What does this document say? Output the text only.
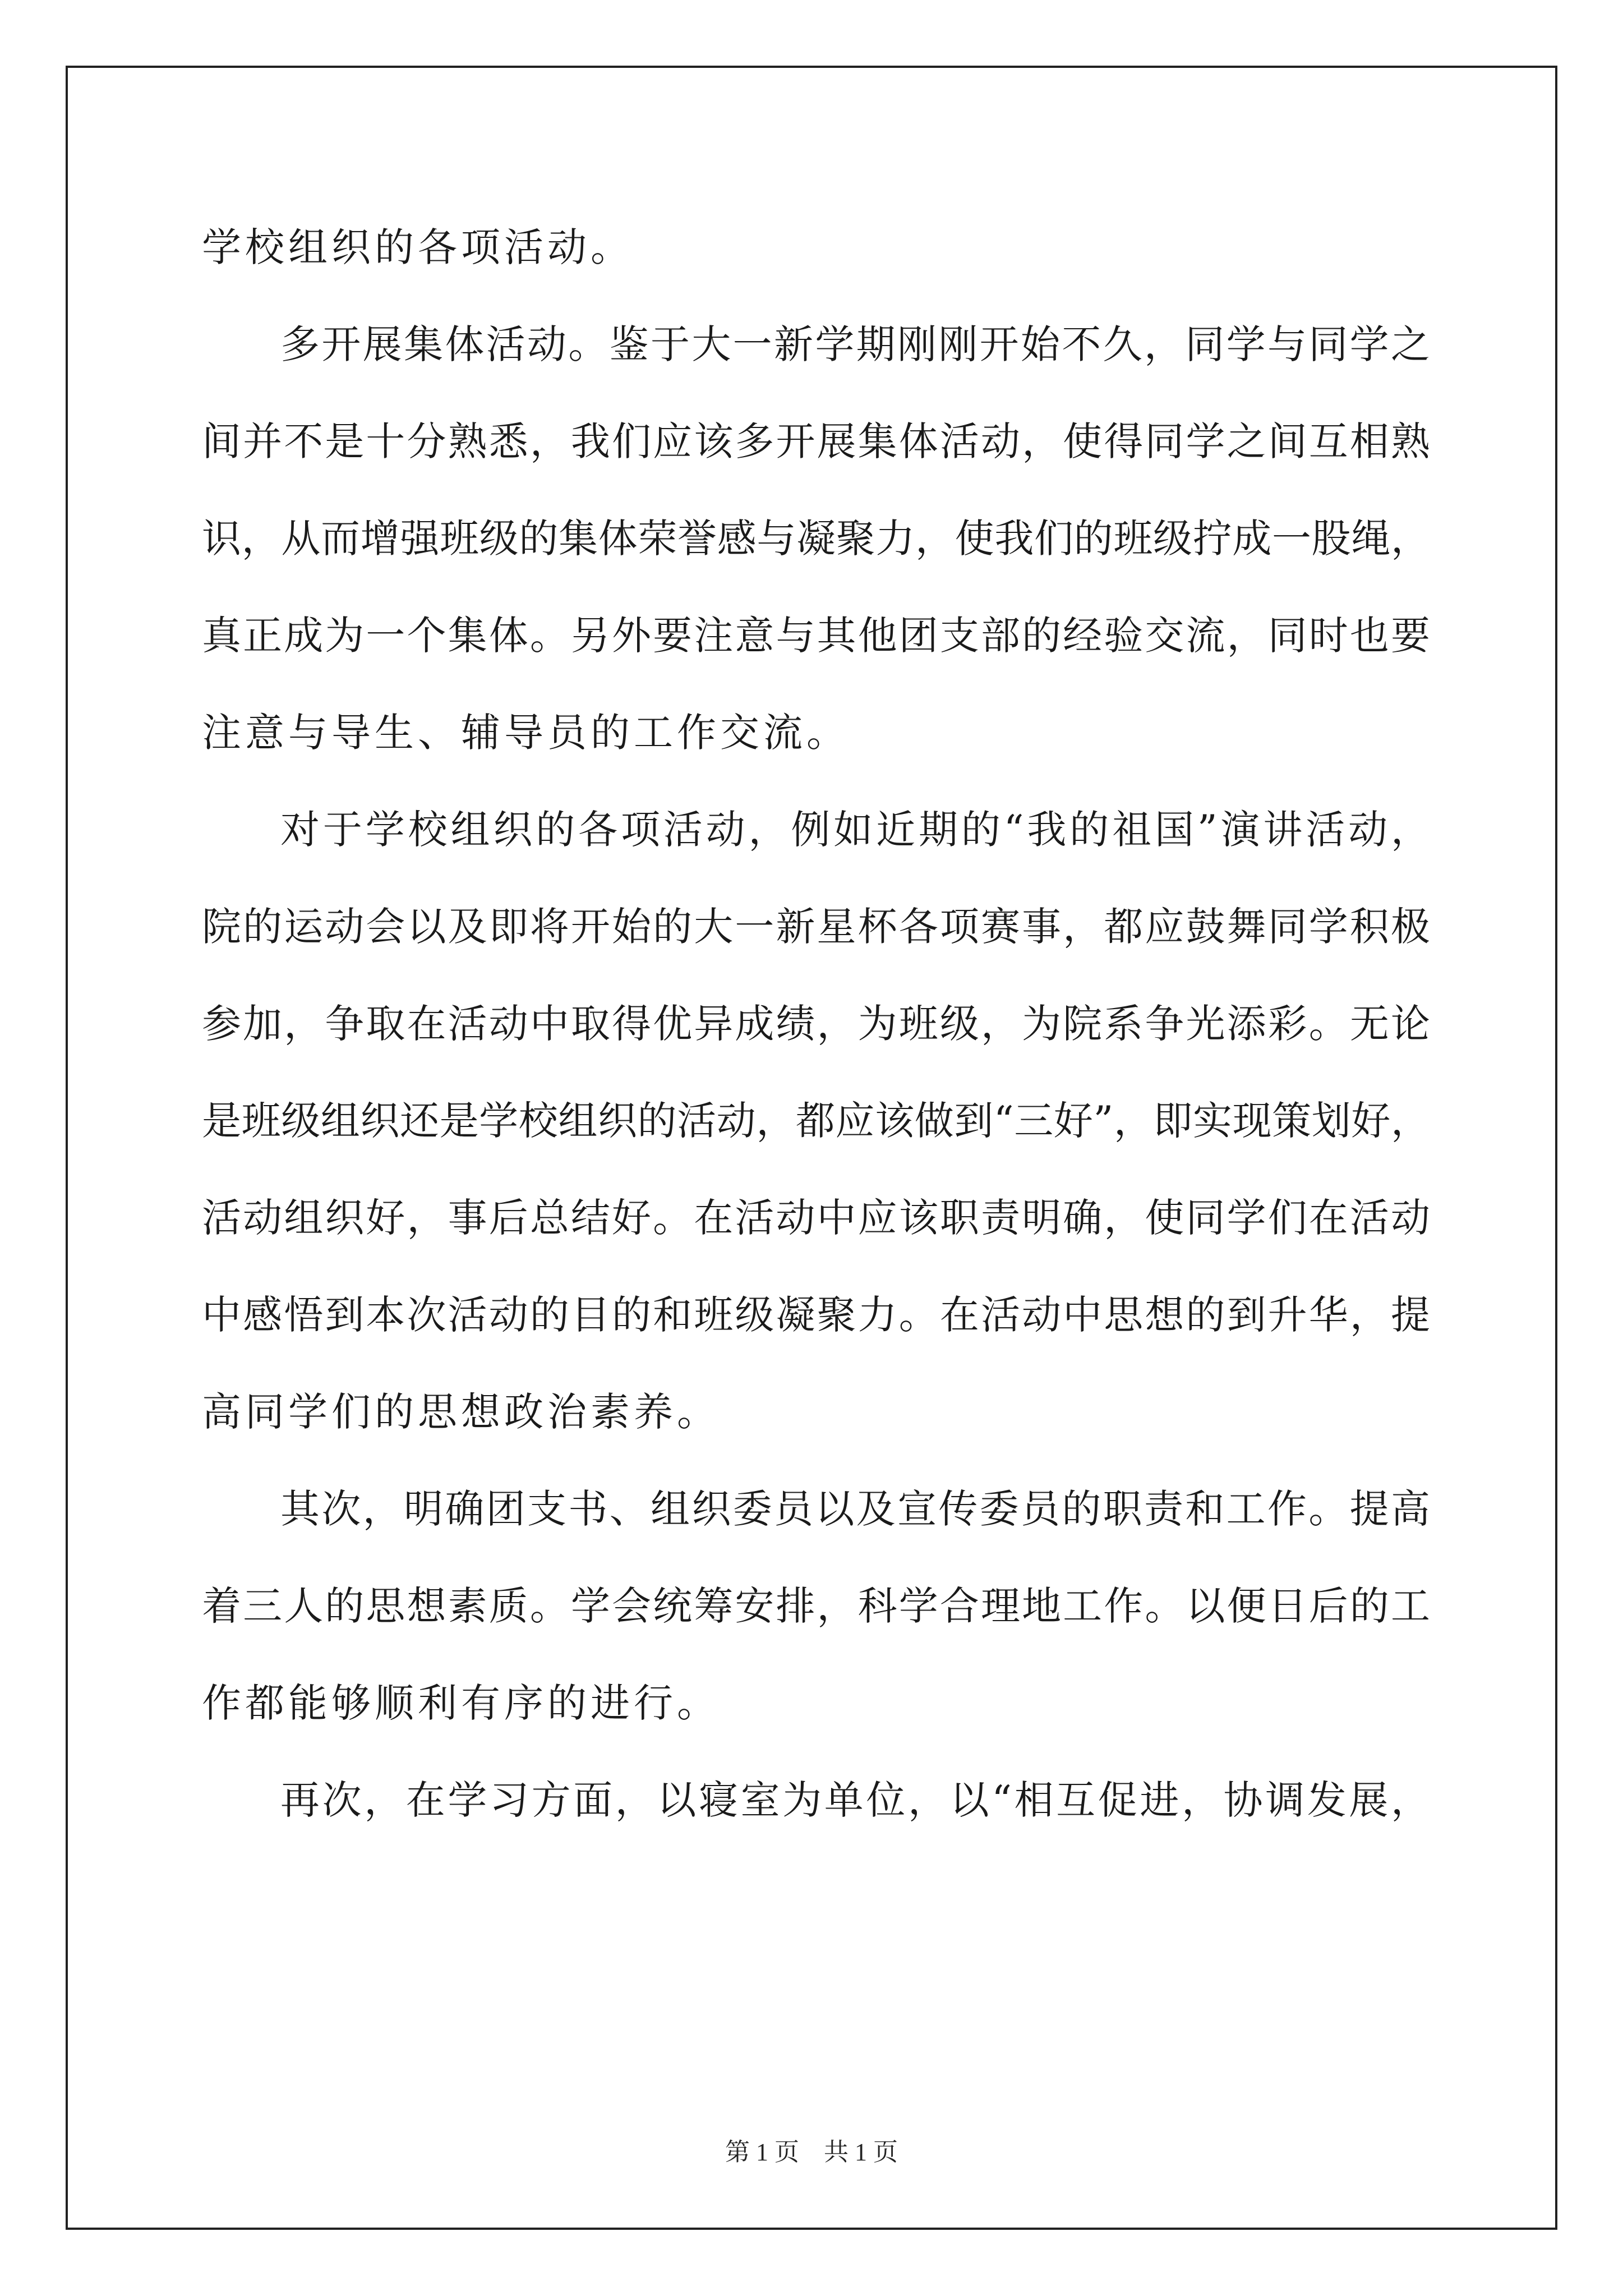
学校组织的各项活动。
多开展集体活动。鉴于大一新学期刚刚开始不久，同学与同学之
间并不是十分熟悉，我们应该多开展集体活动，使得同学之间互相熟
识，从而增强班级的集体荣誉感与凝聚力，使我们的班级拧成一股绳，
真正成为一个集体。另外要注意与其他团支部的经验交流，同时也要
注意与导生、辅导员的工作交流。
对于学校组织的各项活动，例如近期的“我的祖国”演讲活动，
院的运动会以及即将开始的大一新星杯各项赛事，都应鼓舞同学积极
参加，争取在活动中取得优异成绩，为班级，为院系争光添彩。无论
是班级组织还是学校组织的活动，都应该做到“三好”，即实现策划好，
活动组织好，事后总结好。在活动中应该职责明确，使同学们在活动
中感悟到本次活动的目的和班级凝聚力。在活动中思想的到升华，提
高同学们的思想政治素养。
其次，明确团支书、组织委员以及宣传委员的职责和工作。提高
着三人的思想素质。学会统筹安排，科学合理地工作。以便日后的工
作都能够顺利有序的进行。
再次，在学习方面，以寝室为单位，以“相互促进，协调发展，
第 1 页    共 1 页
